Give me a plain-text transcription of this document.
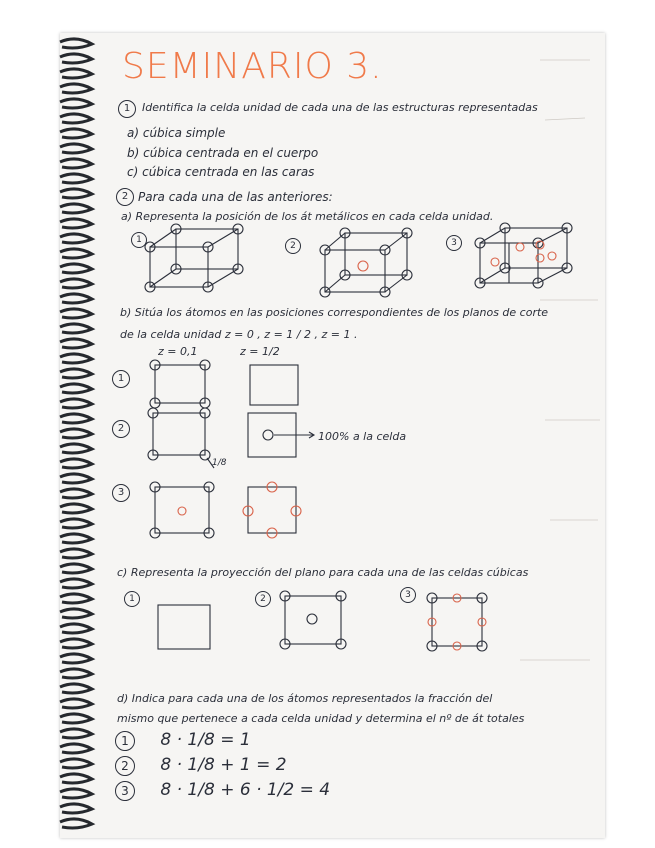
SEMINARIO 3.
1	Identifica la celda unidad de cada una de las estructuras representadas
a) cúbica simple
b) cúbica centrada en el cuerpo
c) cúbica centrada en las caras
2 Para cada una de las anteriores:
a) Representa la posición de los át metálicos en cada celda unidad.
1
2	3
b) Sitúa los átomos en las posiciones correspondientes de los planos de corte
de la celda unidad z = 0 , z = 1 / 2 , z = 1 .
z = 0,1	z = 1/2
1
2
3
1/8
100% a la celda
c) Representa la proyección del plano para cada una de las celdas cúbicas
1	2	3
d) Indica para cada una de los átomos representados la fracción del
mismo que pertenece a cada celda unidad y determina el nº de át totales
1 8 · 1/8 = 1
2 8 · 1/8 + 1 = 2
3 8 · 1/8 + 6 · 1/2 = 4
